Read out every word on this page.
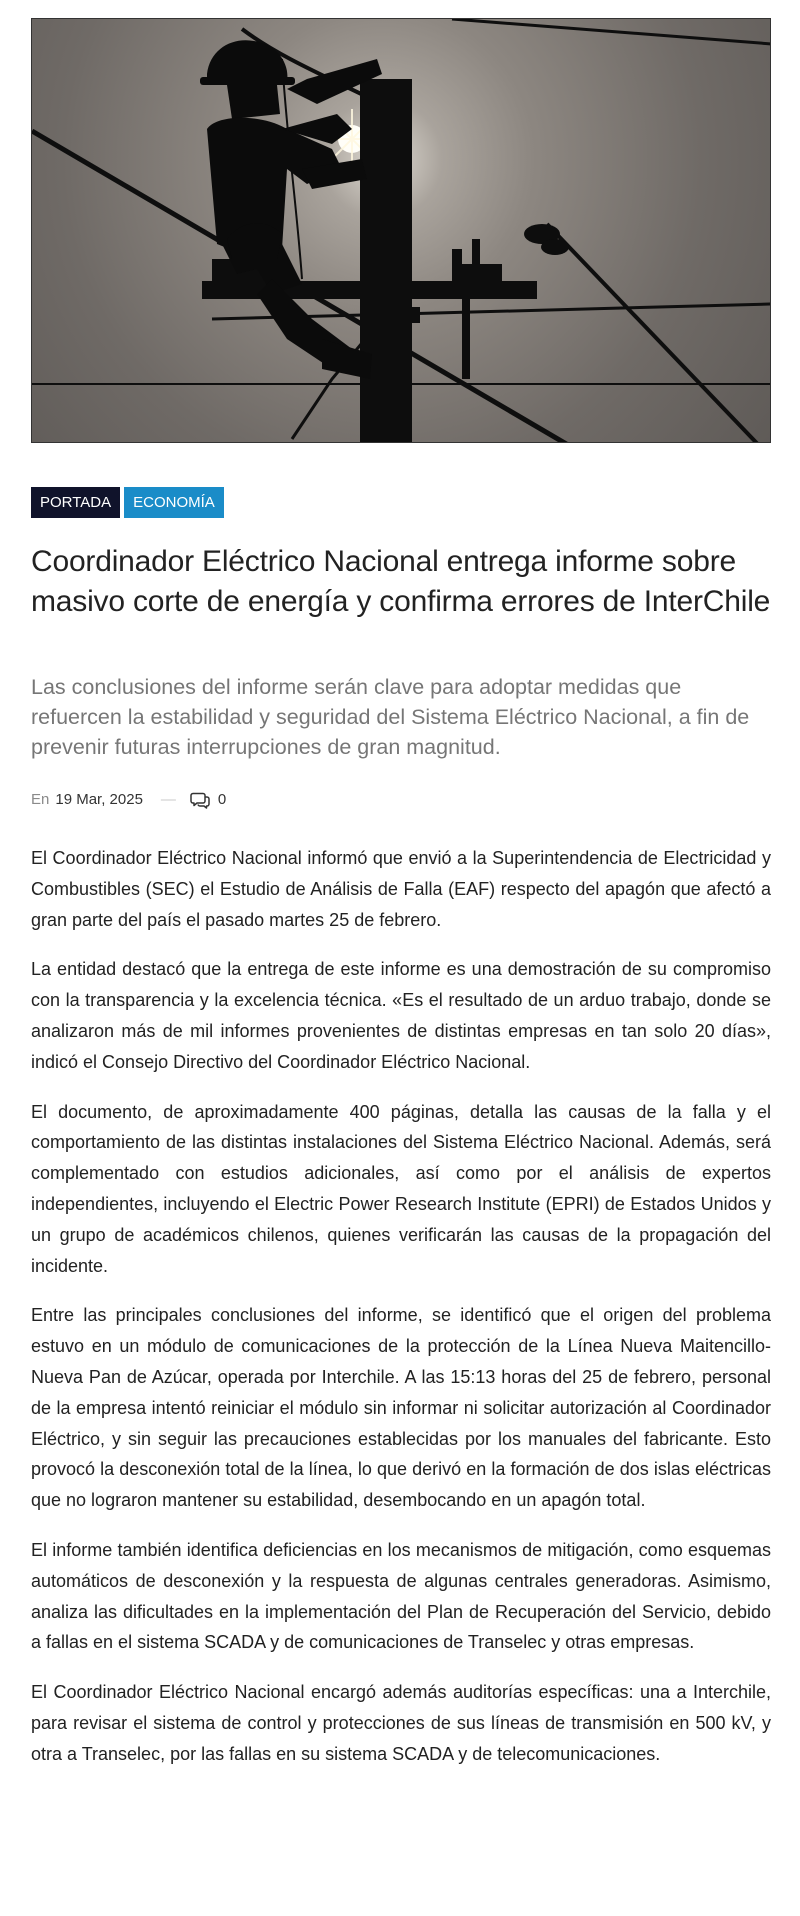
PORTADA ECONOMÍA
Coordinador Eléctrico Nacional entrega informe sobre masivo corte de energía y confirma errores de InterChile

Las conclusiones del informe serán clave para adoptar medidas que refuercen la estabilidad y seguridad del Sistema Eléctrico Nacional, a fin de prevenir futuras interrupciones de gran magnitud.

En 19 Mar, 2025 —	0

El Coordinador Eléctrico Nacional informó que envió a la Superintendencia de Electricidad y Combustibles (SEC) el Estudio de Análisis de Falla (EAF) respecto del apagón que afectó a gran parte del país el pasado martes 25 de febrero.

La entidad destacó que la entrega de este informe es una demostración de su compromiso con la transparencia y la excelencia técnica. «Es el resultado de un arduo trabajo, donde se analizaron más de mil informes provenientes de distintas empresas en tan solo 20 días», indicó el Consejo Directivo del Coordinador Eléctrico Nacional.

El documento, de aproximadamente 400 páginas, detalla las causas de la falla y el comportamiento de las distintas instalaciones del Sistema Eléctrico Nacional. Además, será complementado con estudios adicionales, así como por el análisis de expertos independientes, incluyendo el Electric Power Research Institute (EPRI) de Estados Unidos y un grupo de académicos chilenos, quienes verificarán las causas de la propagación del incidente.

Entre las principales conclusiones del informe, se identificó que el origen del problema estuvo en un módulo de comunicaciones de la protección de la Línea Nueva Maitencillo-Nueva Pan de Azúcar, operada por Interchile. A las 15:13 horas del 25 de febrero, personal de la empresa intentó reiniciar el módulo sin informar ni solicitar autorización al Coordinador Eléctrico, y sin seguir las precauciones establecidas por los manuales del fabricante. Esto provocó la desconexión total de la línea, lo que derivó en la formación de dos islas eléctricas que no lograron mantener su estabilidad, desembocando en un apagón total.

El informe también identifica deficiencias en los mecanismos de mitigación, como esquemas automáticos de desconexión y la respuesta de algunas centrales generadoras. Asimismo, analiza las dificultades en la implementación del Plan de Recuperación del Servicio, debido a fallas en el sistema SCADA y de comunicaciones de Transelec y otras empresas.

El Coordinador Eléctrico Nacional encargó además auditorías específicas: una a Interchile, para revisar el sistema de control y protecciones de sus líneas de transmisión en 500 kV, y otra a Transelec, por las fallas en su sistema SCADA y de telecomunicaciones.
